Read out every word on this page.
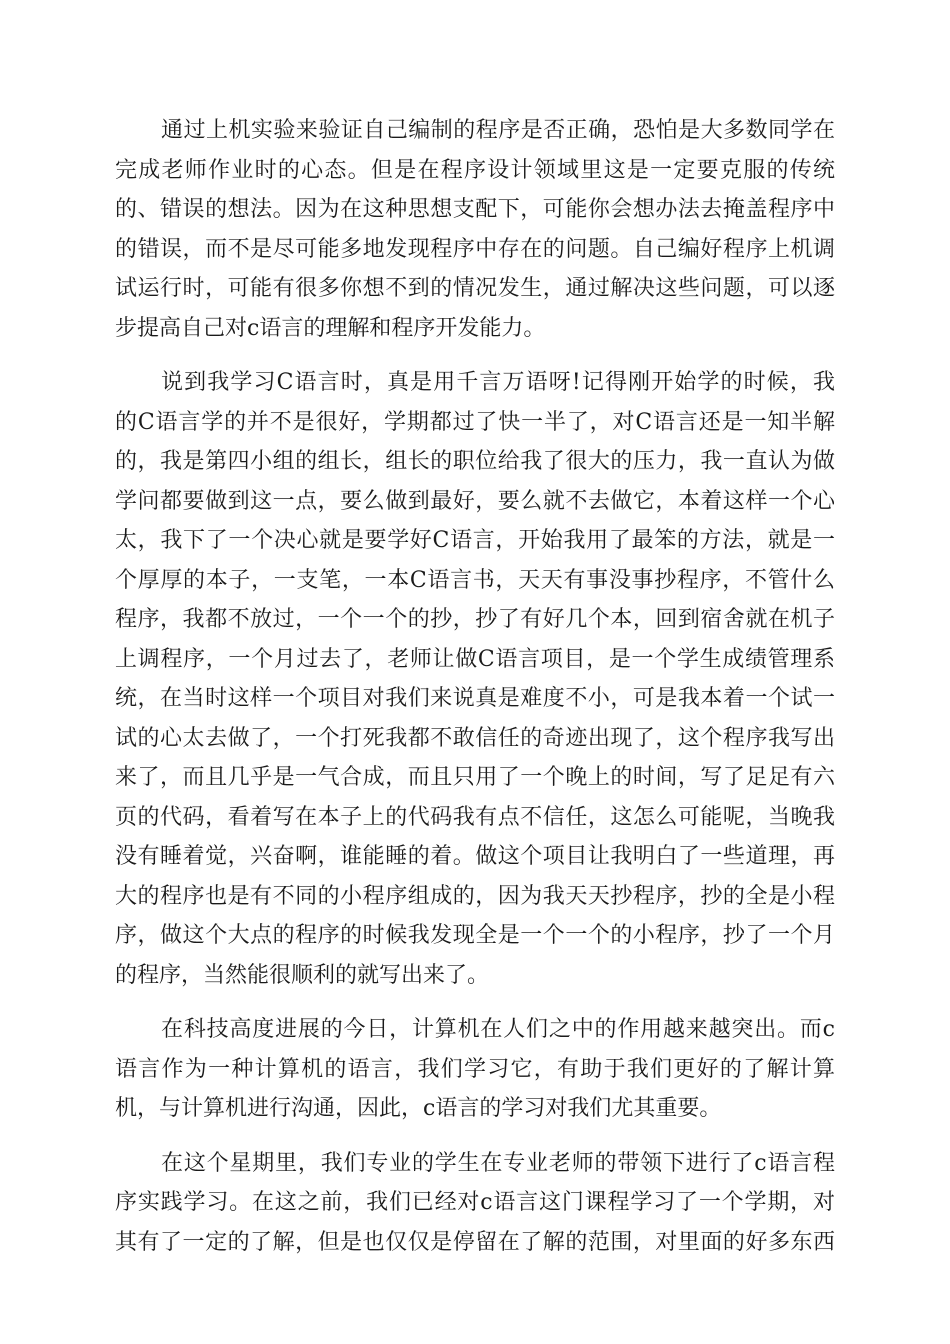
通过上机实验来验证自己编制的程序是否正确，恐怕是大多数同学在
完成老师作业时的心态。但是在程序设计领域里这是一定要克服的传统
的、错误的想法。因为在这种思想支配下，可能你会想办法去掩盖程序中
的错误，而不是尽可能多地发现程序中存在的问题。自己编好程序上机调
试运行时，可能有很多你想不到的情况发生，通过解决这些问题，可以逐
步提高自己对c语言的理解和程序开发能力。

说到我学习C语言时，真是用千言万语呀!记得刚开始学的时候，我
的C语言学的并不是很好，学期都过了快一半了，对C语言还是一知半解
的，我是第四小组的组长，组长的职位给我了很大的压力，我一直认为做
学问都要做到这一点，要么做到最好，要么就不去做它，本着这样一个心
太，我下了一个决心就是要学好C语言，开始我用了最笨的方法，就是一
个厚厚的本子，一支笔，一本C语言书，天天有事没事抄程序，不管什么
程序，我都不放过，一个一个的抄，抄了有好几个本，回到宿舍就在机子
上调程序，一个月过去了，老师让做C语言项目，是一个学生成绩管理系
统，在当时这样一个项目对我们来说真是难度不小，可是我本着一个试一
试的心太去做了，一个打死我都不敢信任的奇迹出现了，这个程序我写出
来了，而且几乎是一气合成，而且只用了一个晚上的时间，写了足足有六
页的代码，看着写在本子上的代码我有点不信任，这怎么可能呢，当晚我
没有睡着觉，兴奋啊，谁能睡的着。做这个项目让我明白了一些道理，再
大的程序也是有不同的小程序组成的，因为我天天抄程序，抄的全是小程
序，做这个大点的程序的时候我发现全是一个一个的小程序，抄了一个月
的程序，当然能很顺利的就写出来了。

在科技高度进展的今日，计算机在人们之中的作用越来越突出。而c
语言作为一种计算机的语言，我们学习它，有助于我们更好的了解计算
机，与计算机进行沟通，因此，c语言的学习对我们尤其重要。

在这个星期里，我们专业的学生在专业老师的带领下进行了c语言程
序实践学习。在这之前，我们已经对c语言这门课程学习了一个学期，对
其有了一定的了解，但是也仅仅是停留在了解的范围，对里面的好多东西
